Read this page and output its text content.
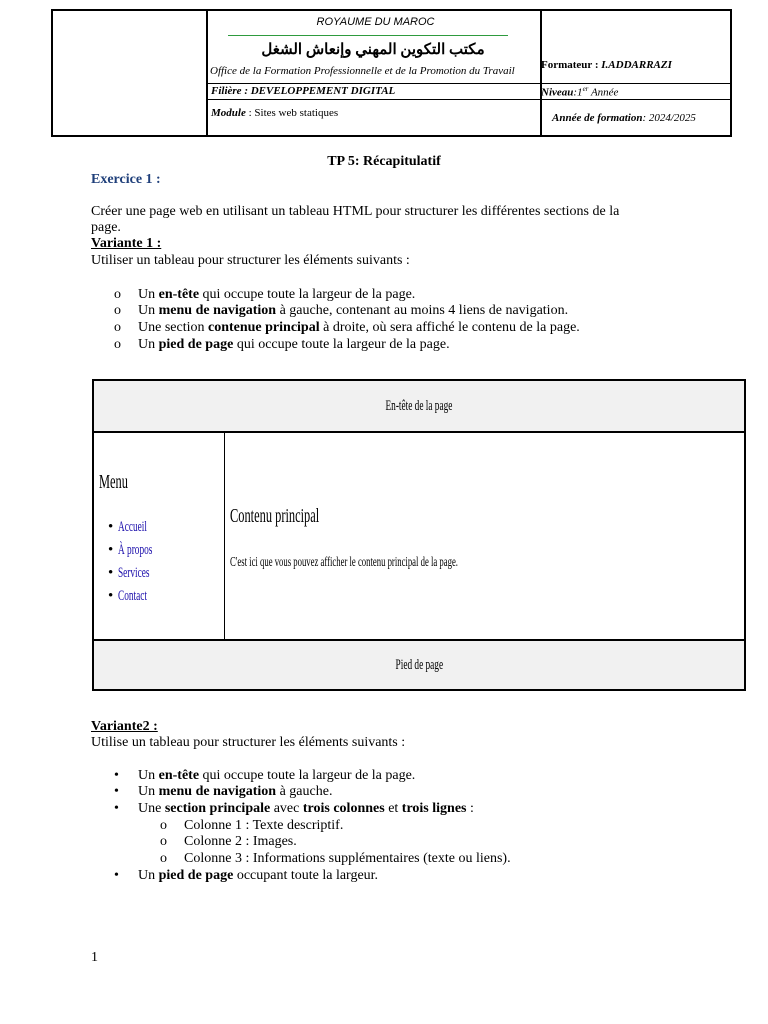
ROYAUME DU MAROC
مكتب التكوين المهني وإنعاش الشغل
Office de la Formation Professionnelle et de la Promotion du Travail Formateur : I.ADDARRAZI
Filière : DEVELOPPEMENT DIGITAL	Niveau:1er Année
Module : Sites web statiques	Année de formation: 2024/2025
TP 5: Récapitulatif
Exercice 1 :
Créer une page web en utilisant un tableau HTML pour structurer les différentes sections de la
page.
Variante 1 :
Utiliser un tableau pour structurer les éléments suivants :
o Un en-tête qui occupe toute la largeur de la page.
o Un menu de navigation à gauche, contenant au moins 4 liens de navigation.
o Une section contenue principal à droite, où sera affiché le contenu de la page.
o Un pied de page qui occupe toute la largeur de la page.
En-tête de la page
Menu
• Accueil
• À propos
• Services
• Contact
Contenu principal
C'est ici que vous pouvez afficher le contenu principal de la page.
Pied de page
Variante2 :
Utilise un tableau pour structurer les éléments suivants :
• Un en-tête qui occupe toute la largeur de la page.
• Un menu de navigation à gauche.
• Une section principale avec trois colonnes et trois lignes :
o Colonne 1 : Texte descriptif.
o Colonne 2 : Images.
o Colonne 3 : Informations supplémentaires (texte ou liens).
• Un pied de page occupant toute la largeur.
1
